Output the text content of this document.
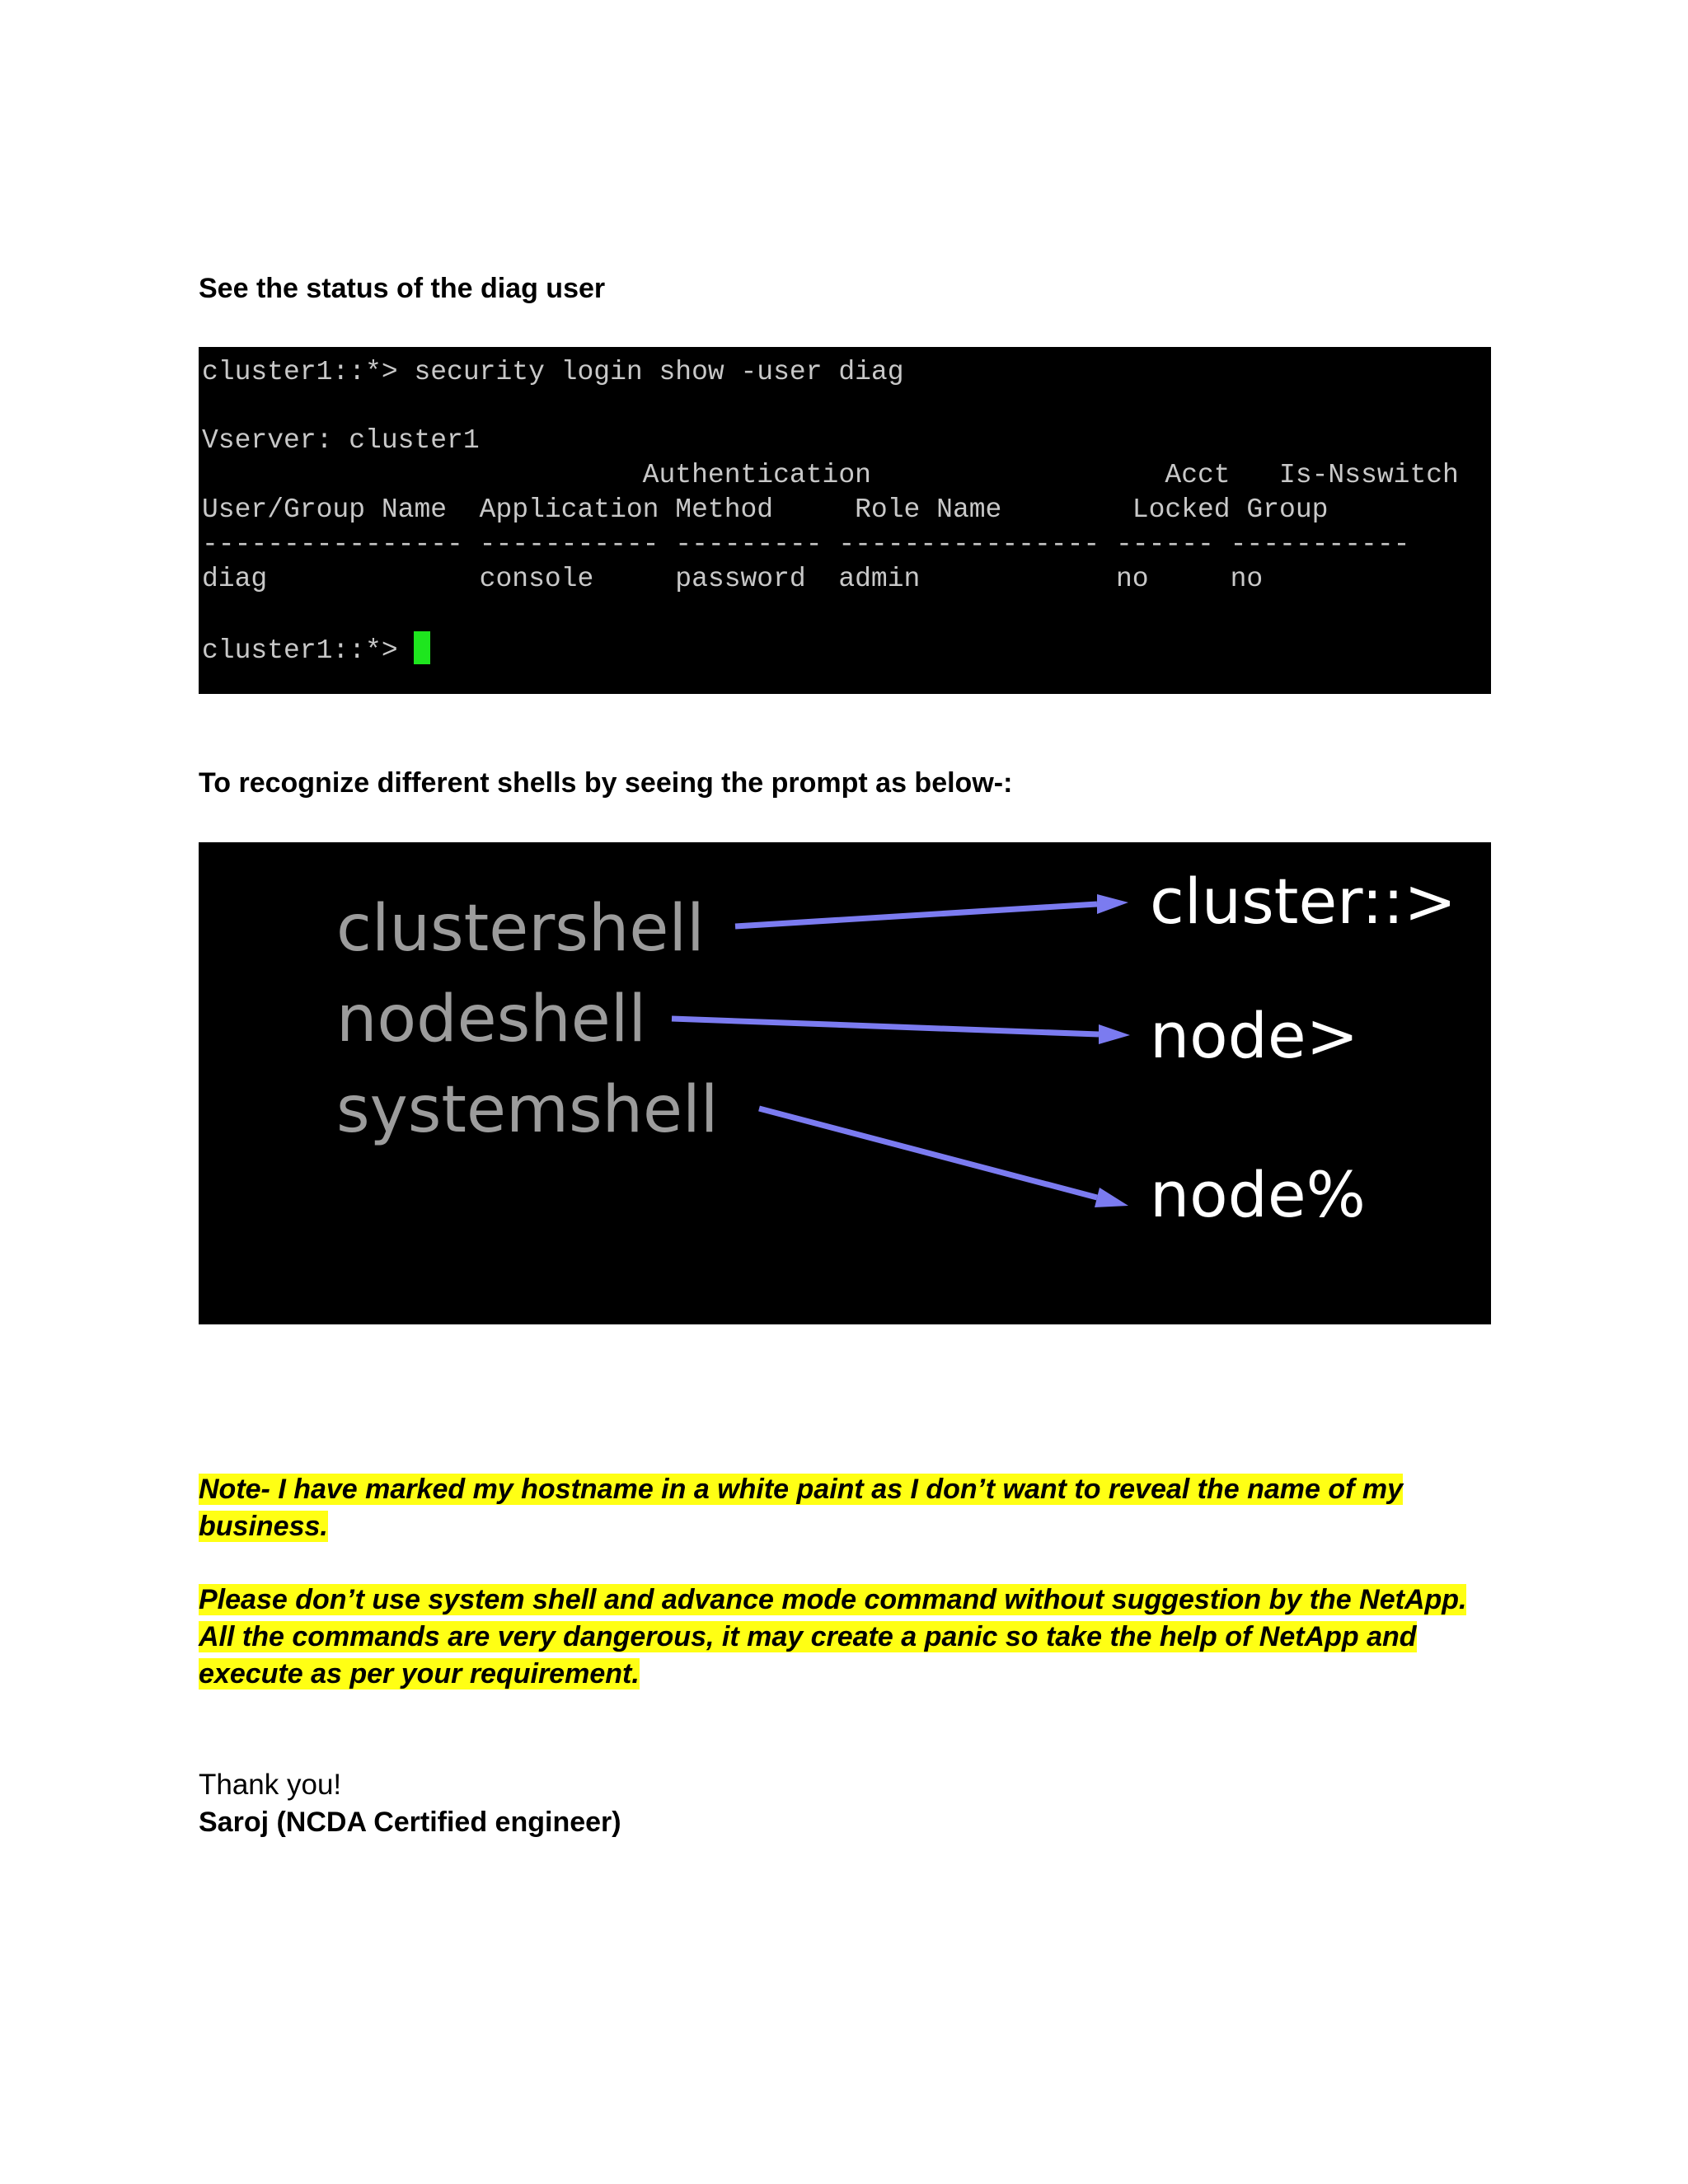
See the status of the diag user
cluster1::*> security login show -user diag
Vserver: cluster1
Authentication                  Acct   Is-Nsswitch
User/Group Name  Application Method     Role Name        Locked Group
---------------- ----------- --------- ---------------- ------ -----------
diag             console     password  admin            no     no
cluster1::*>
To recognize different shells by seeing the prompt as below-:
clustershell
nodeshell
systemshell
cluster::>
node>
node%

Note- I have marked my hostname in a white paint as I don’t want to reveal the name of my business.

Please don’t use system shell and advance mode command without suggestion by the NetApp. All the commands are very dangerous, it may create a panic so take the help of NetApp and execute as per your requirement.

Thank you!
Saroj (NCDA Certified engineer)
